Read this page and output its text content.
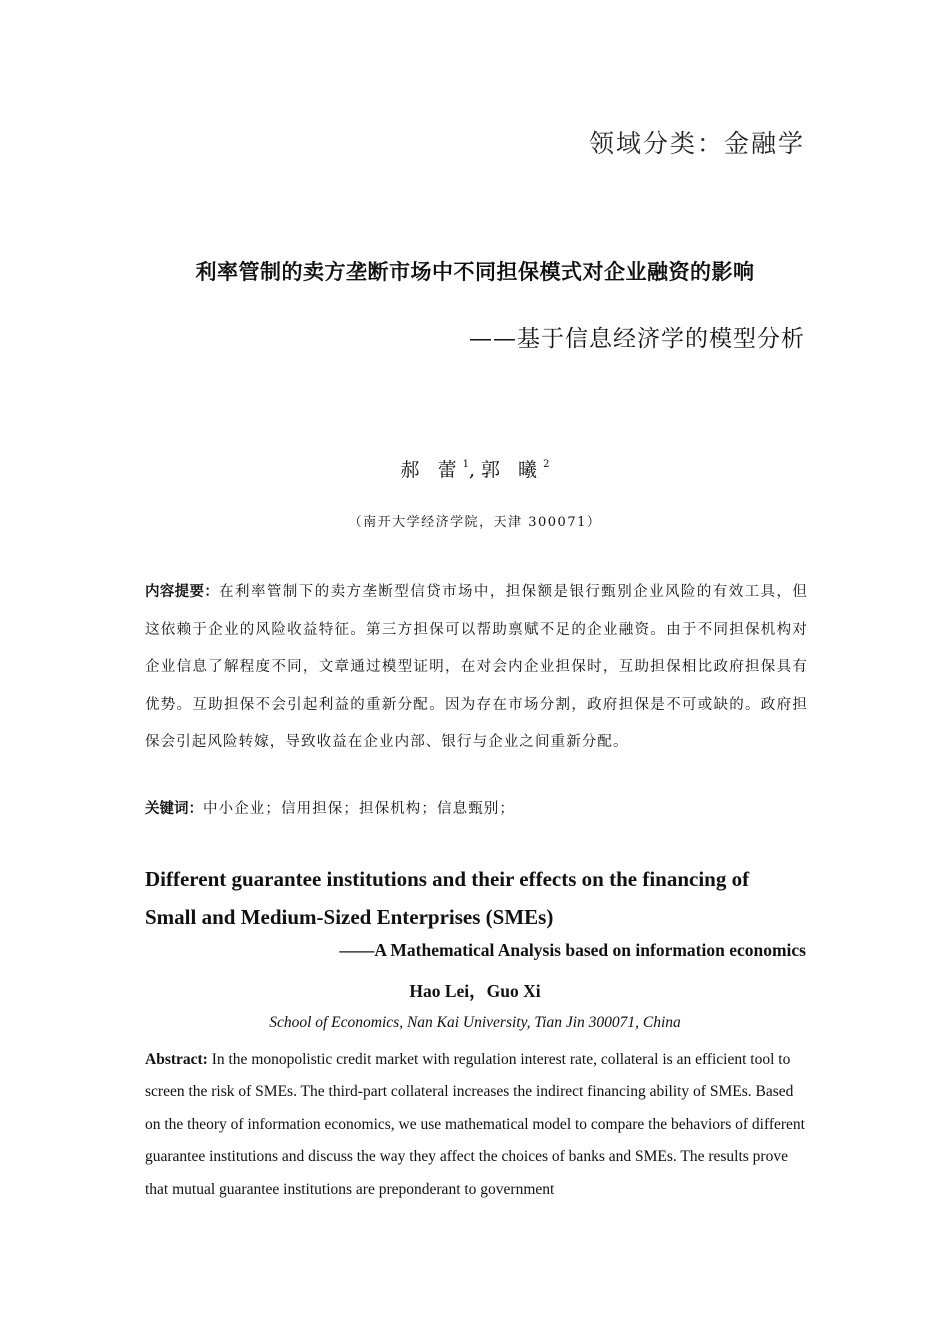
领域分类：金融学
利率管制的卖方垄断市场中不同担保模式对企业融资的影响
——基于信息经济学的模型分析
郝 蕾$^1$,郭 曦$^2$
（南开大学经济学院，天津 300071）
内容提要：在利率管制下的卖方垄断型信贷市场中，担保额是银行甄别企业风险的有效工具，但这依赖于企业的风险收益特征。第三方担保可以帮助禀赋不足的企业融资。由于不同担保机构对企业信息了解程度不同，文章通过模型证明，在对会内企业担保时，互助担保相比政府担保具有优势。互助担保不会引起利益的重新分配。因为存在市场分割，政府担保是不可或缺的。政府担保会引起风险转嫁，导致收益在企业内部、银行与企业之间重新分配。
关键词：中小企业；信用担保；担保机构；信息甄别；
Different guarantee institutions and their effects on the financing of
Small and Medium-Sized Enterprises (SMEs)
——A Mathematical Analysis based on information economics
Hao Lei，Guo Xi
School of Economics, Nan Kai University, Tian Jin 300071, China
Abstract: In the monopolistic credit market with regulation interest rate, collateral is an efficient tool to screen the risk of SMEs. The third-part collateral increases the indirect financing ability of SMEs. Based on the theory of information economics, we use mathematical model to compare the behaviors of different guarantee institutions and discuss the way they affect the choices of banks and SMEs. The results prove that mutual guarantee institutions are preponderant to government
